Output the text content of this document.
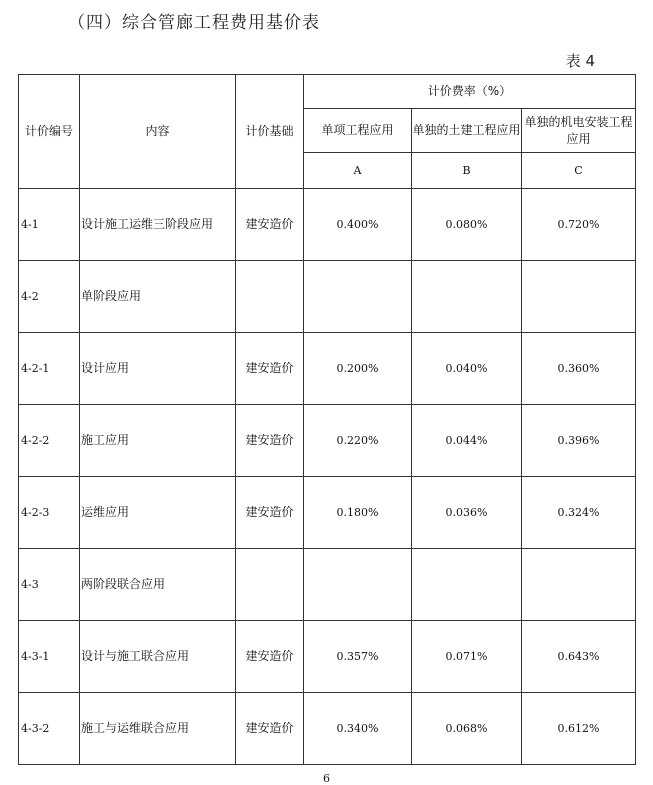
（四）综合管廊工程费用基价表
表 4
计价编号	内容	计价基础	计价费率（%）		
			单项工程应用	单独的土建工程应用	单独的机电安装工程应用
			A	B	C
4-1	设计施工运维三阶段应用	建安造价	0.400%	0.080%	0.720%
4-2	单阶段应用				
4-2-1	设计应用	建安造价	0.200%	0.040%	0.360%
4-2-2	施工应用	建安造价	0.220%	0.044%	0.396%
4-2-3	运维应用	建安造价	0.180%	0.036%	0.324%
4-3	两阶段联合应用				
4-3-1	设计与施工联合应用	建安造价	0.357%	0.071%	0.643%
4-3-2	施工与运维联合应用	建安造价	0.340%	0.068%	0.612%
6
